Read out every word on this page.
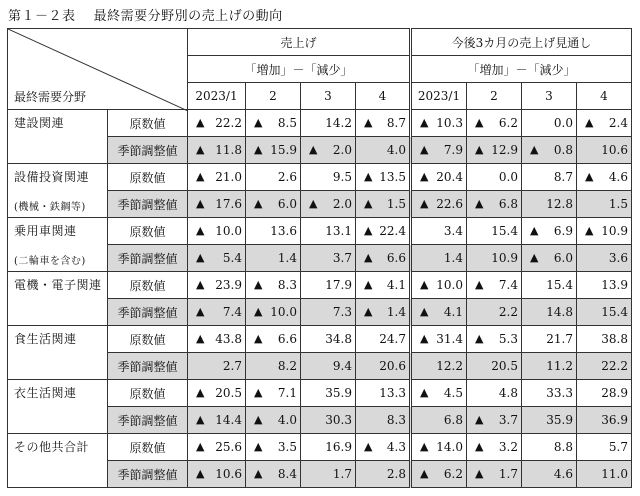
第１－２表　 最終需要分野別の売上げの動向
最終需要分野		売上げ				今後3カ月の売上げ見通し			
		「増加」－「減少」				「増加」－「減少」			
		2023/1	2	3	4	2023/1	2	3	4

建設関連	原数値	▲ 22.2	▲ 8.5	14.2	▲ 8.7	▲ 10.3	▲ 6.2	0.0	▲ 2.4
	季節調整値	▲ 11.8	▲ 15.9	▲ 2.0	4.0	▲ 7.9	▲ 12.9	▲ 0.8	10.6

設備投資関連
(機械・鉄鋼等)	原数値	▲ 21.0	2.6	9.5	▲ 13.5	▲ 20.4	0.0	8.7	▲ 4.6
	季節調整値	▲ 17.6	▲ 6.0	▲ 2.0	▲ 1.5	▲ 22.6	▲ 6.8	12.8	1.5

乗用車関連
(二輪車を含む)	原数値	▲ 10.0	13.6	13.1	▲ 22.4	3.4	15.4	▲ 6.9	▲ 10.9
	季節調整値	▲ 5.4	1.4	3.7	▲ 6.6	1.4	10.9	▲ 6.0	3.6

電機・電子関連	原数値	▲ 23.9	▲ 8.3	17.9	▲ 4.1	▲ 10.0	▲ 7.4	15.4	13.9
	季節調整値	▲ 7.4	▲ 10.0	7.3	▲ 1.4	▲ 4.1	2.2	14.8	15.4

食生活関連	原数値	▲ 43.8	▲ 6.6	34.8	24.7	▲ 31.4	▲ 5.3	21.7	38.8
	季節調整値	2.7	8.2	9.4	20.6	12.2	20.5	11.2	22.2

衣生活関連	原数値	▲ 20.5	▲ 7.1	35.9	13.3	▲ 4.5	4.8	33.3	28.9
	季節調整値	▲ 14.4	▲ 4.0	30.3	8.3	6.8	▲ 3.7	35.9	36.9

その他共合計	原数値	▲ 25.6	▲ 3.5	16.9	▲ 4.3	▲ 14.0	▲ 3.2	8.8	5.7
	季節調整値	▲ 10.6	▲ 8.4	1.7	2.8	▲ 6.2	▲ 1.7	4.6	11.0
